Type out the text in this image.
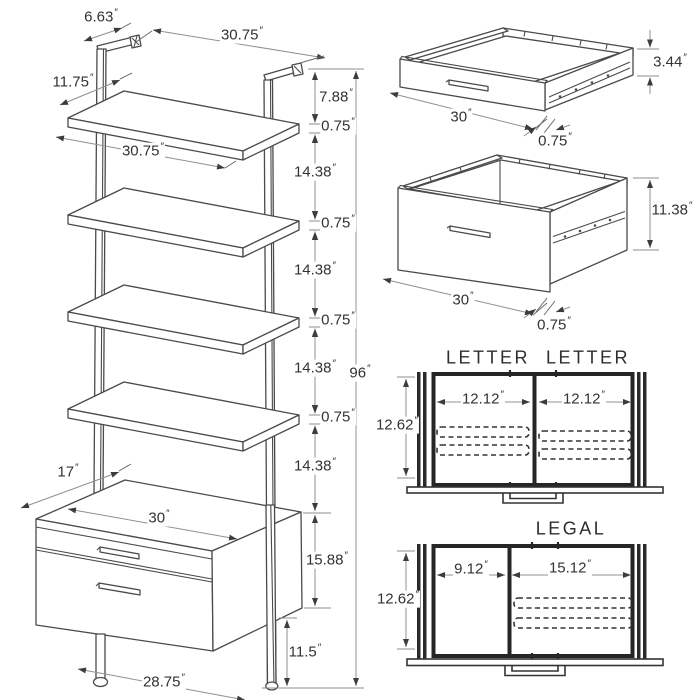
6.63″
30.75″
11.75″
7.88″
0.75″
30.75″
14.38″
0.75″
14.38″
0.75″
14.38″
96″
0.75″
14.38″
17″
30″
15.88″
11.5″
28.75″
3.44″
30″
0.75″
11.38″
30″
0.75″
LETTER LETTER
12.62″
12.12″	12.12″
LEGAL
12.62″
9.12″	15.12″
